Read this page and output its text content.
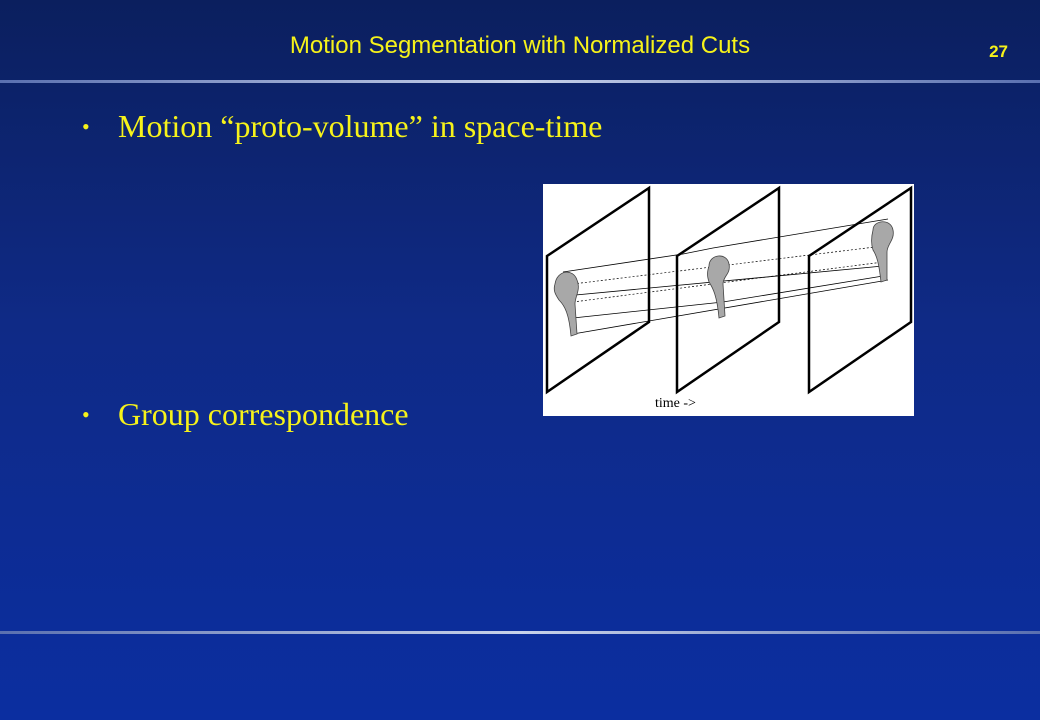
Motion Segmentation with Normalized Cuts	27
• Motion “proto-volume” in space-time
time ->
• Group correspondence
